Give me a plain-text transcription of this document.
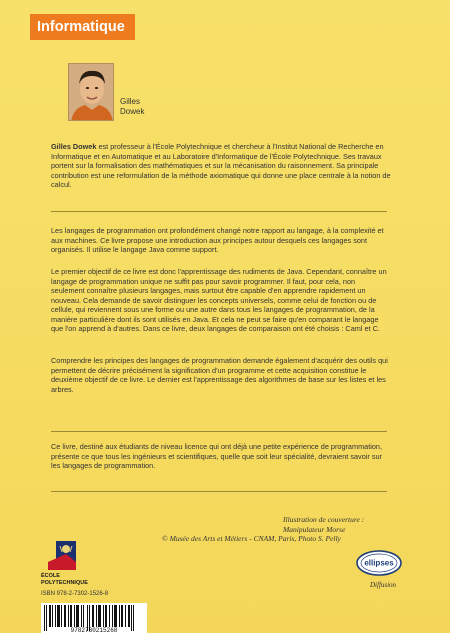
Informatique
Gilles
Dowek
Gilles Dowek est professeur à l'École Polytechnique et chercheur à l'Institut National de Recherche en Informatique et en Automatique et au Laboratoire d'Informatique de l'École Polytechnique. Ses travaux portent sur la formalisation des mathématiques et sur la mécanisation du raisonnement. Sa principale contribution est une reformulation de la méthode axiomatique qui donne une place centrale à la notion de calcul.
Les langages de programmation ont profondément changé notre rapport au langage, à la complexité et aux machines. Ce livre propose une introduction aux principes autour desquels ces langages sont organisés. Il utilise le langage Java comme support.
Le premier objectif de ce livre est donc l'apprentissage des rudiments de Java. Cependant, connaître un langage de programmation unique ne suffit pas pour savoir programmer. Il faut, pour cela, non seulement connaître plusieurs langages, mais surtout être capable d'en apprendre rapidement un nouveau. Cela demande de savoir distinguer les concepts universels, comme celui de fonction ou de cellule, qui reviennent sous une forme ou une autre dans tous les langages de programmation, de la manière particulière dont ils sont utilisés en Java. Et cela ne peut se faire qu'en comparant le langage que l'on apprend à d'autres. Dans ce livre, deux langages de comparaison ont été choisis : Caml et C.
Comprendre les principes des langages de programmation demande également d'acquérir des outils qui permettent de décrire précisément la signification d'un programme et cette acquisition constitue le deuxième objectif de ce livre. Le dernier est l'apprentissage des algorithmes de base sur les listes et les arbres.
Ce livre, destiné aux étudiants de niveau licence qui ont déjà une petite expérience de programmation, présente ce que tous les ingénieurs et scientifiques, quelle que soit leur spécialité, devraient savoir sur les langages de programmation.
Illustration de couverture :
Manipulateur Morse
© Musée des Arts et Métiers - CNAM, Paris, Photo S. Pelly
ÉCOLE
POLYTECHNIQUE
ellipses
Diffusion
ISBN 978-2-7302-1526-8
9782730215268
